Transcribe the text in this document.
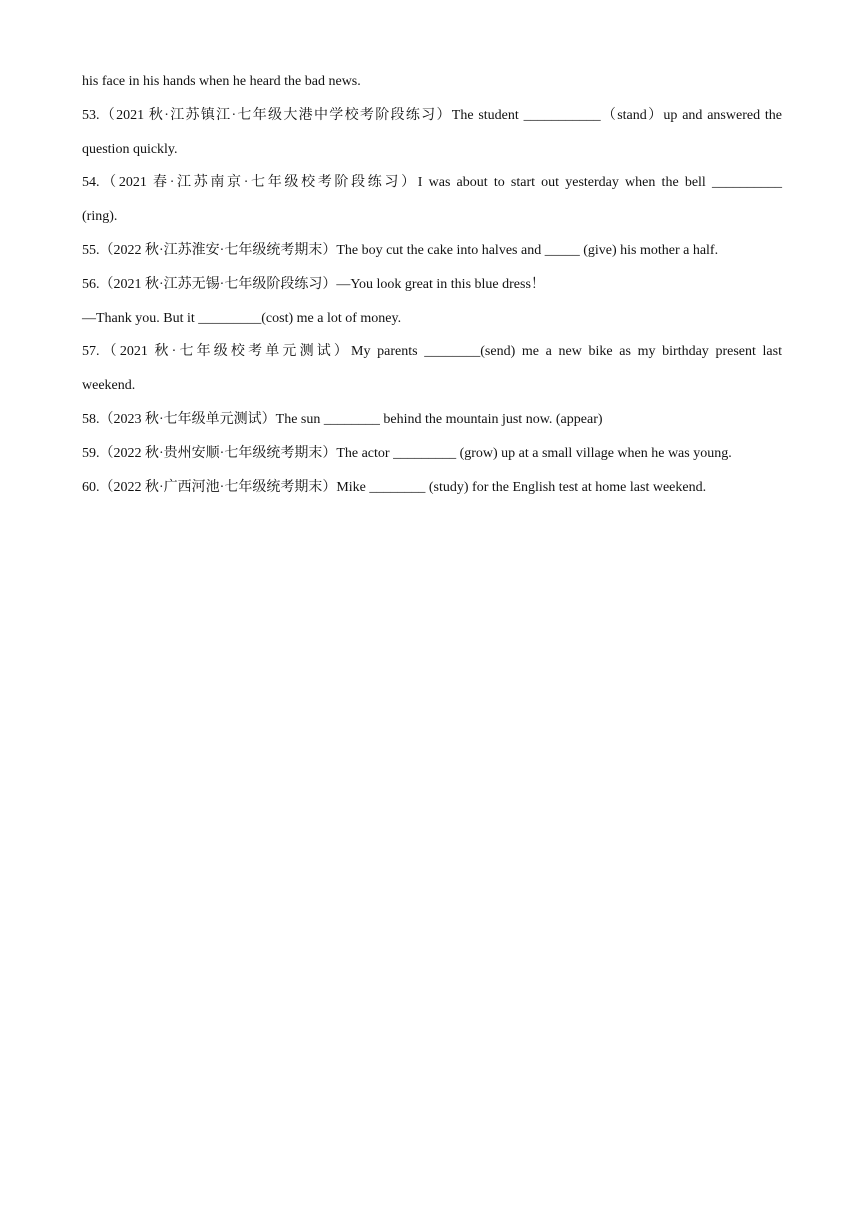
his face in his hands when he heard the bad news.
53.（2021 秋·江苏镇江·七年级大港中学校考阶段练习）The student ___________（stand）up and answered the
question quickly.
54.（2021 春·江苏南京·七年级校考阶段练习）I was about to start out yesterday when the bell __________
(ring).
55.（2022 秋·江苏淮安·七年级统考期末）The boy cut the cake into halves and _____ (give) his mother a half.
56.（2021 秋·江苏无锡·七年级阶段练习）—You look great in this blue dress！
—Thank you. But it _________(cost) me a lot of money.
57.（2021 秋·七年级校考单元测试）My parents ________(send) me a new bike as my birthday present last
weekend.
58.（2023 秋·七年级单元测试）The sun ________ behind the mountain just now. (appear)
59.（2022 秋·贵州安顺·七年级统考期末）The actor _________ (grow) up at a small village when he was young.
60.（2022 秋·广西河池·七年级统考期末）Mike ________ (study) for the English test at home last weekend.
